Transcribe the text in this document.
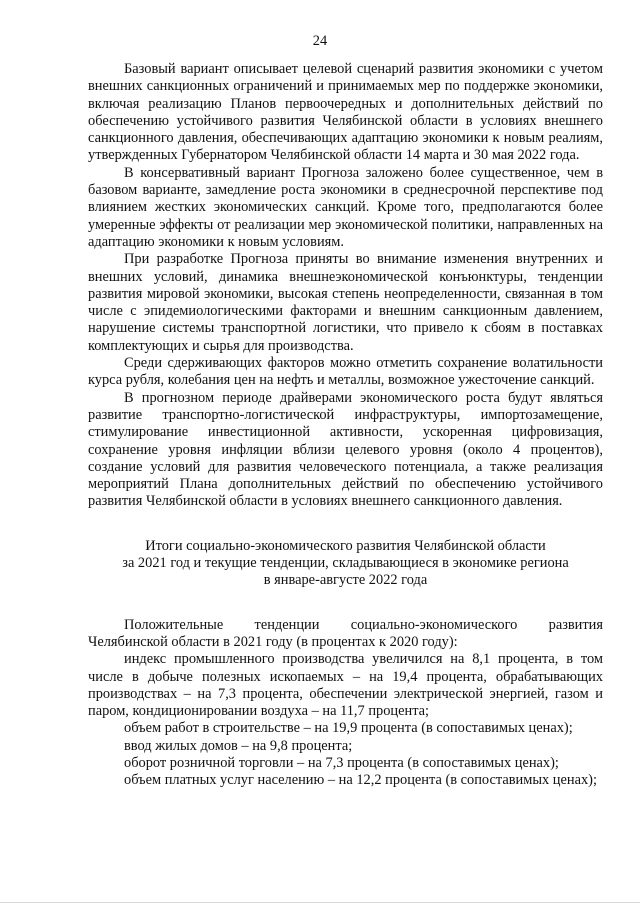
24

Базовый вариант описывает целевой сценарий развития экономики с учетом внешних санкционных ограничений и принимаемых мер по поддержке экономики, включая реализацию Планов первоочередных и дополнительных действий по обеспечению устойчивого развития Челябинской области в условиях внешнего санкционного давления, обеспечивающих адаптацию экономики к новым реалиям, утвержденных Губернатором Челябинской области 14 марта и 30 мая 2022 года.

В консервативный вариант Прогноза заложено более существенное, чем в базовом варианте, замедление роста экономики в среднесрочной перспективе под влиянием жестких экономических санкций. Кроме того, предполагаются более умеренные эффекты от реализации мер экономической политики, направленных на адаптацию экономики к новым условиям.

При разработке Прогноза приняты во внимание изменения внутренних и внешних условий, динамика внешнеэкономической конъюнктуры, тенденции развития мировой экономики, высокая степень неопределенности, связанная в том числе с эпидемиологическими факторами и внешним санкционным давлением, нарушение системы транспортной логистики, что привело к сбоям в поставках комплектующих и сырья для производства.

Среди сдерживающих факторов можно отметить сохранение волатильности курса рубля, колебания цен на нефть и металлы, возможное ужесточение санкций.

В прогнозном периоде драйверами экономического роста будут являться развитие транспортно-логистической инфраструктуры, импортозамещение, стимулирование инвестиционной активности, ускоренная цифровизация, сохранение уровня инфляции вблизи целевого уровня (около 4 процентов), создание условий для развития человеческого потенциала, а также реализация мероприятий Плана дополнительных действий по обеспечению устойчивого развития Челябинской области в условиях внешнего санкционного давления.

Итоги социально-экономического развития Челябинской области
за 2021 год и текущие тенденции, складывающиеся в экономике региона
в январе-августе 2022 года

Положительные тенденции социально-экономического развития Челябинской области в 2021 году (в процентах к 2020 году):

индекс промышленного производства увеличился на 8,1 процента, в том числе в добыче полезных ископаемых – на 19,4 процента, обрабатывающих производствах – на 7,3 процента, обеспечении электрической энергией, газом и паром, кондиционировании воздуха – на 11,7 процента;

объем работ в строительстве – на 19,9 процента (в сопоставимых ценах);

ввод жилых домов – на 9,8 процента;

оборот розничной торговли – на 7,3 процента (в сопоставимых ценах);

объем платных услуг населению – на 12,2 процента (в сопоставимых ценах);
